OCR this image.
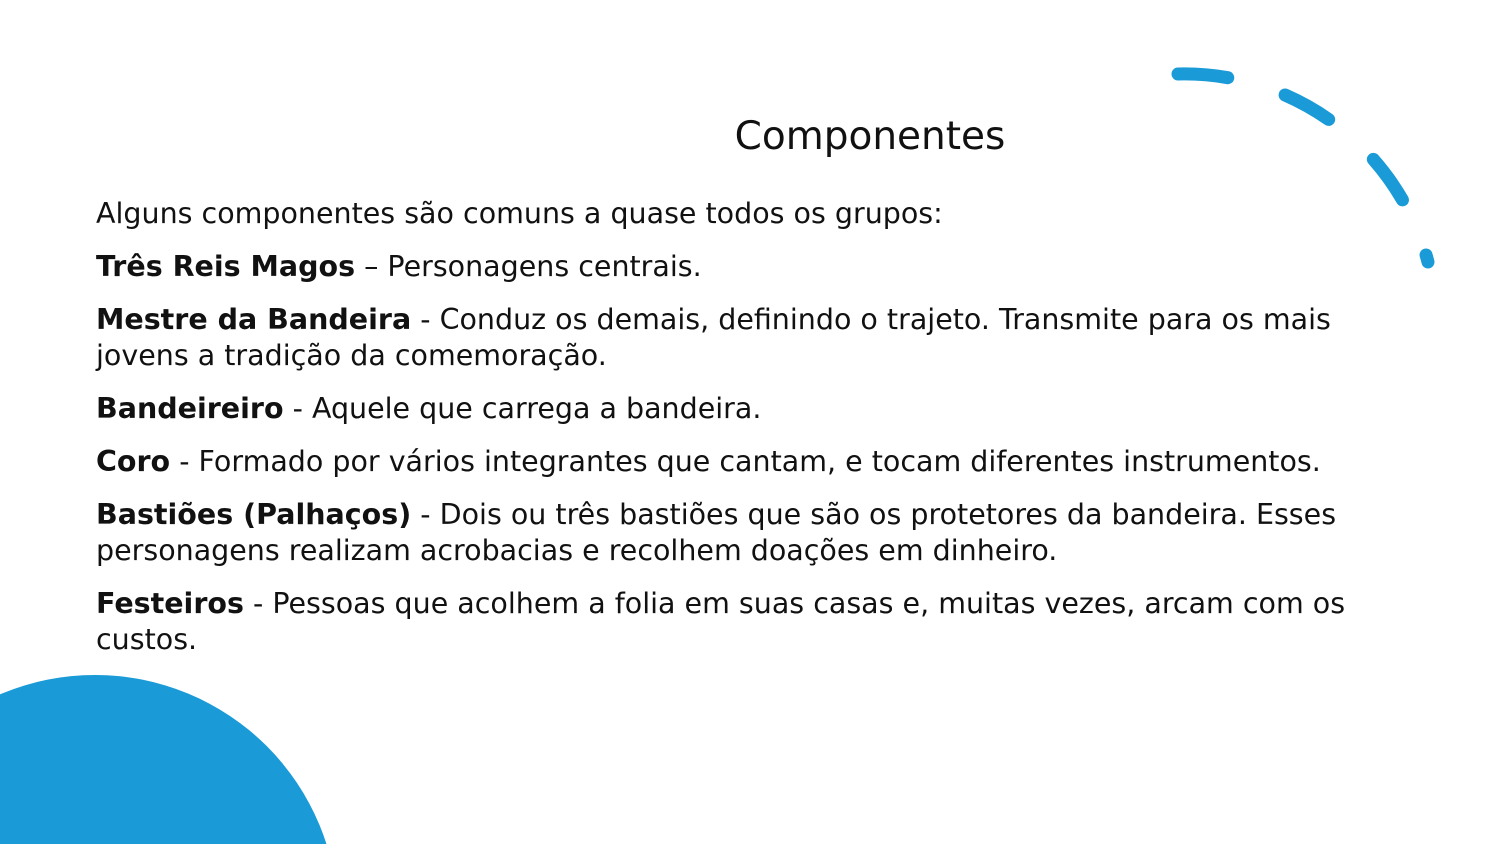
Componentes

Alguns componentes são comuns a quase todos os grupos:

Três Reis Magos – Personagens centrais.

Mestre da Bandeira - Conduz os demais, definindo o trajeto. Transmite para os mais jovens a tradição da comemoração.

Bandeireiro - Aquele que carrega a bandeira.

Coro - Formado por vários integrantes que cantam, e tocam diferentes instrumentos.

Bastiões (Palhaços) - Dois ou três bastiões que são os protetores da bandeira. Esses personagens realizam acrobacias e recolhem doações em dinheiro.

Festeiros - Pessoas que acolhem a folia em suas casas e, muitas vezes, arcam com os custos.
